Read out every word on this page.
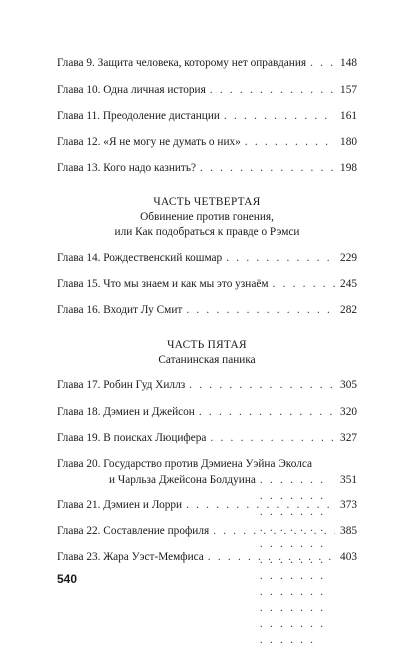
Глава 9. Защита человека, которому нет оправдания . . .	148
Глава 10. Одна личная история . . .	157
Глава 11. Преодоление дистанции . . .	161
Глава 12. «Я не могу не думать о них» . . .	180
Глава 13. Кого надо казнить? . . .	198
ЧАСТЬ ЧЕТВЕРТАЯ
Обвинение против гонения,
или Как подобраться к правде о Рэмси
Глава 14. Рождественский кошмар . . .	229
Глава 15. Что мы знаем и как мы это узнаём . . .	245
Глава 16. Входит Лу Смит . . .	282
ЧАСТЬ ПЯТАЯ
Сатанинская паника
Глава 17. Робин Гуд Хиллз . . .	305
Глава 18. Дэмиен и Джейсон . . .	320
Глава 19. В поисках Люцифера . . .	327
Глава 20. Государство против Дэмиена Уэйна Эколса
и Чарльза Джейсона Болдуина . . .	351
Глава 21. Дэмиен и Лорри . . .	373
Глава 22. Составление профиля . . .	385
Глава 23. Жара Уэст-Мемфиса . . .	403
540
